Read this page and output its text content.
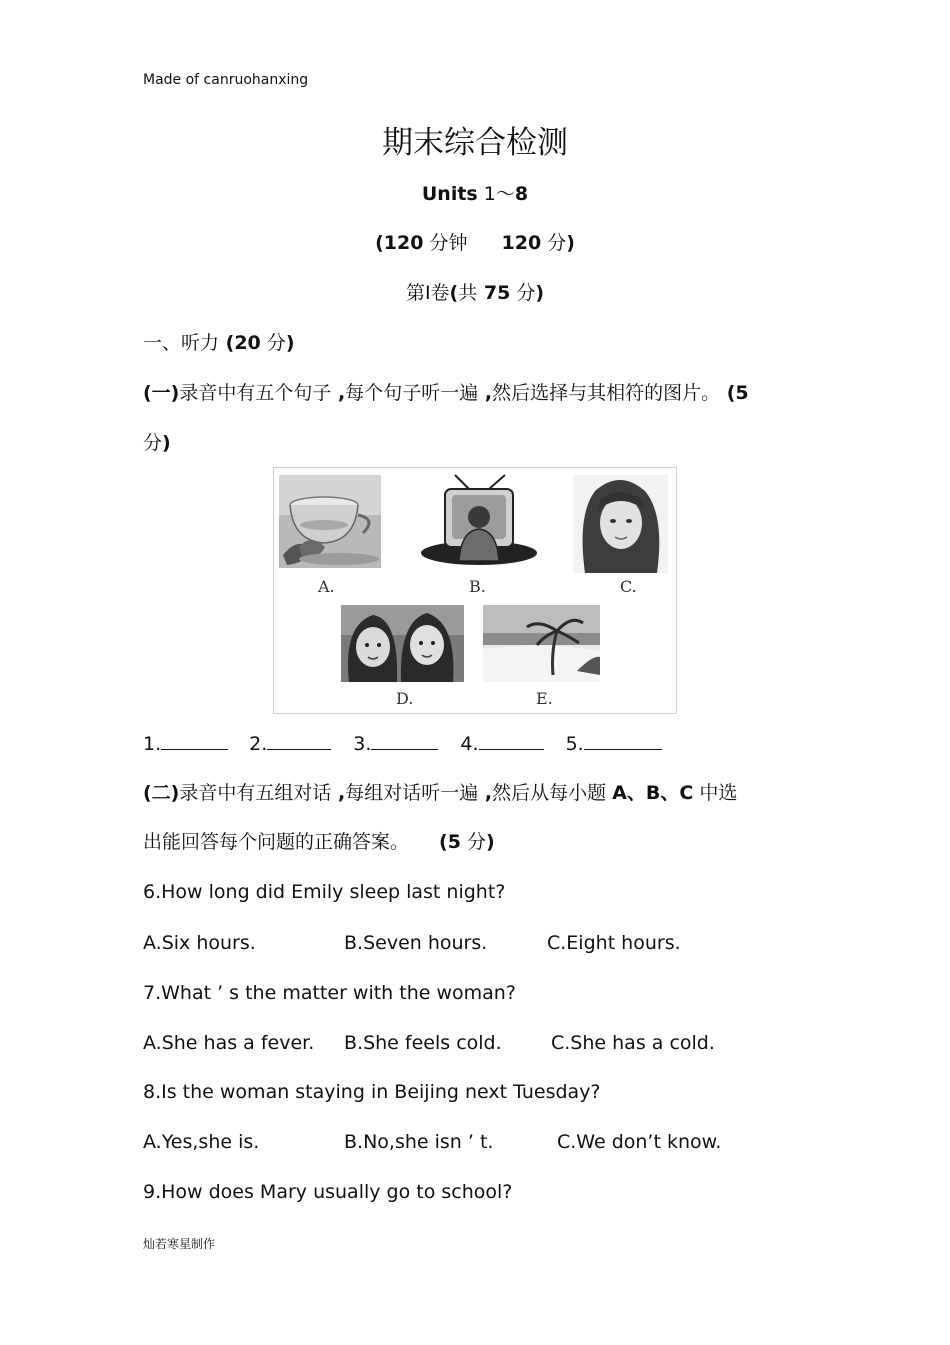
Made of canruohanxing
期末综合检测
Units 1～8
(120 分钟 120 分)
第Ⅰ卷(共 75 分)
一、听力 (20 分)
(一)录音中有五个句子 ,每个句子听一遍 ,然后选择与其相符的图片。 (5
分)
A.	B.	C.
D.	E.
1.	2.	3.	4.	5.
(二)录音中有五组对话 ,每组对话听一遍 ,然后从每小题 A、B、C 中选
出能回答每个问题的正确答案。 (5 分)
6.How long did Emily sleep last night?
A.Six hours.	B.Seven hours.	C.Eight hours.
7.What ’ s the matter with the woman?
A.She has a fever. B.She feels cold.	C.She has a cold.
8.Is the woman staying in Beijing next Tuesday?
A.Yes,she is.	B.No,she isn ’ t.	C.We don’t know.
9.How does Mary usually go to school?
灿若寒星制作
